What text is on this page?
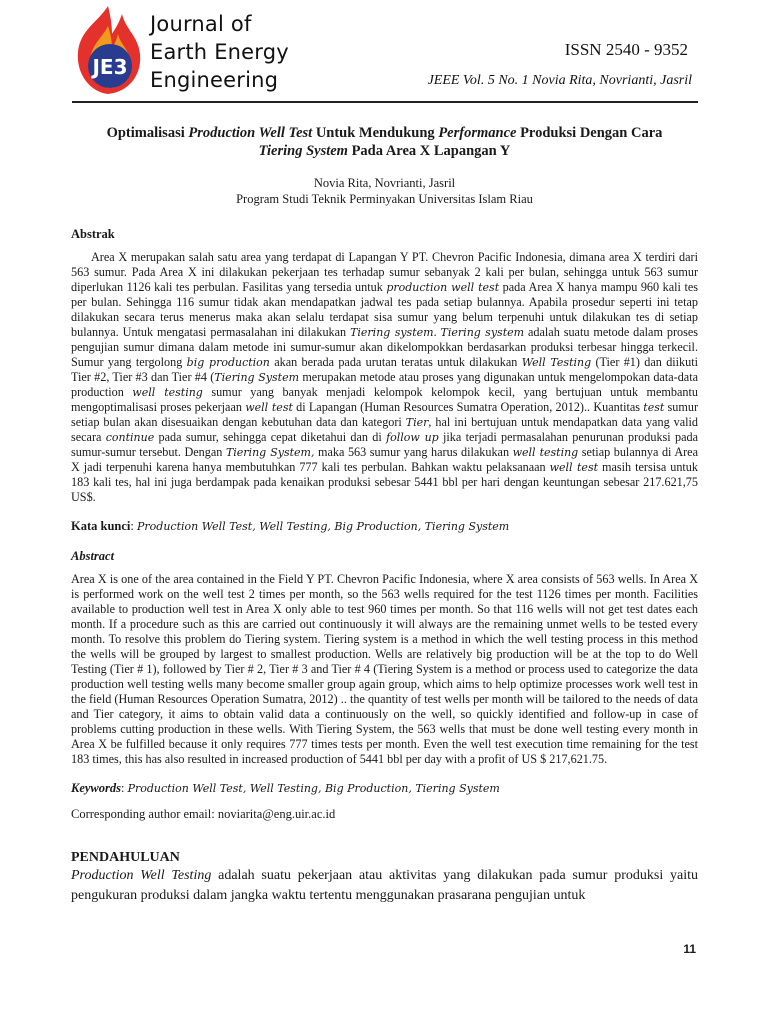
JE3
Journal of
Earth Energy
Engineering
ISSN 2540 - 9352
JEEE Vol. 5 No. 1 Novia Rita, Novrianti, Jasril
Optimalisasi Production Well Test Untuk Mendukung Performance Produksi Dengan Cara
Tiering System Pada Area X Lapangan Y
Novia Rita, Novrianti, Jasril
Program Studi Teknik Perminyakan Universitas Islam Riau
Abstrak
Area X merupakan salah satu area yang terdapat di Lapangan Y PT. Chevron Pacific Indonesia, dimana area X terdiri dari 563 sumur. Pada Area X ini dilakukan pekerjaan tes terhadap sumur sebanyak 2 kali per bulan, sehingga untuk 563 sumur diperlukan 1126 kali tes perbulan. Fasilitas yang tersedia untuk production well test pada Area X hanya mampu 960 kali tes per bulan. Sehingga 116 sumur tidak akan mendapatkan jadwal tes pada setiap bulannya. Apabila prosedur seperti ini tetap dilakukan secara terus menerus maka akan selalu terdapat sisa sumur yang belum terpenuhi untuk dilakukan tes di setiap bulannya. Untuk mengatasi permasalahan ini dilakukan Tiering system. Tiering system adalah suatu metode dalam proses pengujian sumur dimana dalam metode ini sumur-sumur akan dikelompokkan berdasarkan produksi terbesar hingga terkecil. Sumur yang tergolong big production akan berada pada urutan teratas untuk dilakukan Well Testing (Tier #1) dan diikuti Tier #2, Tier #3 dan Tier #4 (Tiering System merupakan metode atau proses yang digunakan untuk mengelompokan data-data production well testing sumur yang banyak menjadi kelompok kelompok kecil, yang bertujuan untuk membantu mengoptimalisasi proses pekerjaan well test di Lapangan (Human Resources Sumatra Operation, 2012).. Kuantitas test sumur setiap bulan akan disesuaikan dengan kebutuhan data dan kategori Tier, hal ini bertujuan untuk mendapatkan data yang valid secara continue pada sumur, sehingga cepat diketahui dan di follow up jika terjadi permasalahan penurunan produksi pada sumur-sumur tersebut. Dengan Tiering System, maka 563 sumur yang harus dilakukan well testing setiap bulannya di Area X jadi terpenuhi karena hanya membutuhkan 777 kali tes perbulan. Bahkan waktu pelaksanaan well test masih tersisa untuk 183 kali tes, hal ini juga berdampak pada kenaikan produksi sebesar 5441 bbl per hari dengan keuntungan sebesar 217.621,75 US$.
Kata kunci: Production Well Test, Well Testing, Big Production, Tiering System
Abstract
Area X is one of the area contained in the Field Y PT. Chevron Pacific Indonesia, where X area consists of 563 wells. In Area X is performed work on the well test 2 times per month, so the 563 wells required for the test 1126 times per month. Facilities available to production well test in Area X only able to test 960 times per month. So that 116 wells will not get test dates each month. If a procedure such as this are carried out continuously it will always are the remaining unmet wells to be tested every month. To resolve this problem do Tiering system. Tiering system is a method in which the well testing process in this method the wells will be grouped by largest to smallest production. Wells are relatively big production will be at the top to do Well Testing (Tier # 1), followed by Tier # 2, Tier # 3 and Tier # 4 (Tiering System is a method or process used to categorize the data production well testing wells many become smaller group again group, which aims to help optimize processes work well test in the field (Human Resources Operation Sumatra, 2012) .. the quantity of test wells per month will be tailored to the needs of data and Tier category, it aims to obtain valid data a continuously on the well, so quickly identified and follow-up in case of problems cutting production in these wells. With Tiering System, the 563 wells that must be done well testing every month in Area X be fulfilled because it only requires 777 times tests per month. Even the well test execution time remaining for the test 183 times, this has also resulted in increased production of 5441 bbl per day with a profit of US $ 217,621.75.
Keywords: Production Well Test, Well Testing, Big Production, Tiering System
Corresponding author email: noviarita@eng.uir.ac.id
PENDAHULUAN
Production Well Testing adalah suatu pekerjaan atau aktivitas yang dilakukan pada sumur produksi yaitu pengukuran produksi dalam jangka waktu tertentu menggunakan prasarana pengujian untuk
11
